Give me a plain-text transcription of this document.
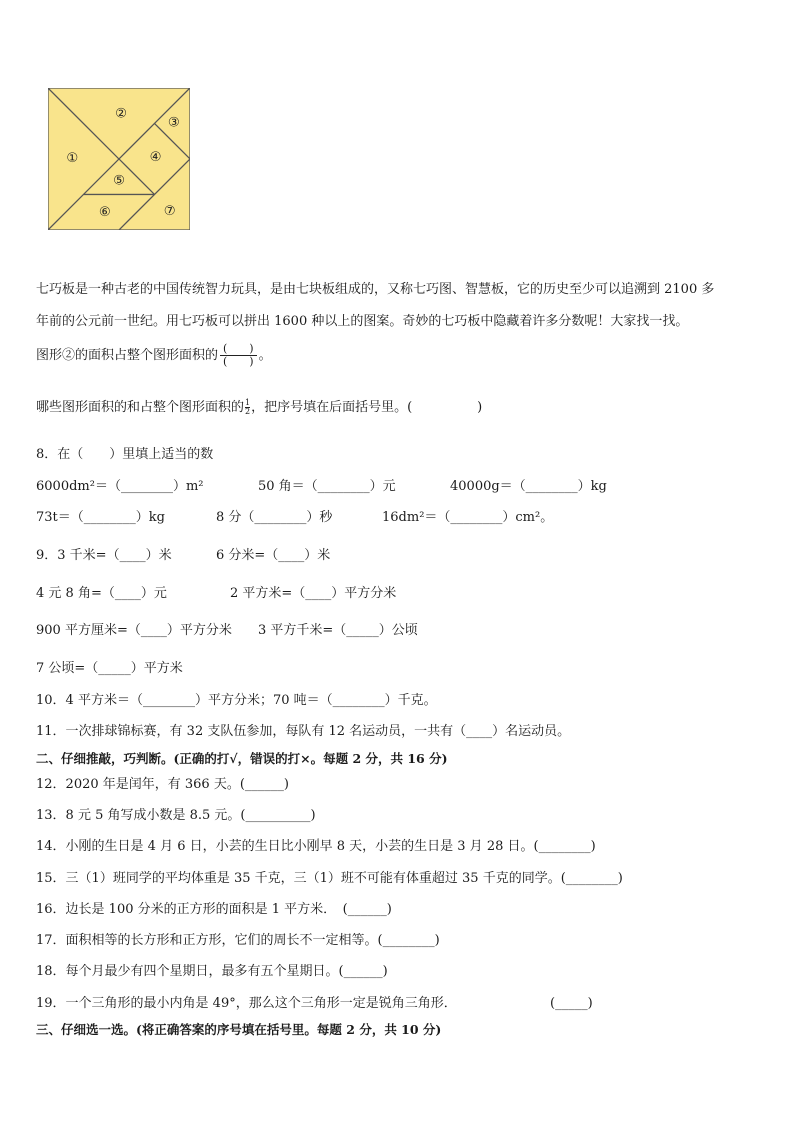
①
②
③
④
⑤
⑥	⑦
七巧板是一种古老的中国传统智力玩具，是由七块板组成的，又称七巧图、智慧板，它的历史至少可以追溯到 2100 多
年前的公元前一世纪。用七巧板可以拼出 1600 种以上的图案。奇妙的七巧板中隐藏着许多分数呢！大家找一找。
图形②的面积占整个图形面积的 $\frac{( )}{( )}$ 。
哪些图形面积的和占整个图形面积的 $\frac{1}{2}$ ，把序号填在后面括号里。(　　　　　)
8．在（　　）里填上适当的数
6000dm²＝（________）m²	50 角＝（________）元	40000g＝（________）kg
73t＝（________）kg	8 分（________）秒	16dm²＝（________）cm²。
9．3 千米=（____）米	6 分米=（____）米
4 元 8 角=（____）元	2 平方米=（____）平方分米
900 平方厘米=（____）平方分米 3 平方千米=（_____）公顷
7 公顷=（_____）平方米
10．4 平方米＝（________）平方分米；70 吨＝（________）千克。
11．一次排球锦标赛，有 32 支队伍参加，每队有 12 名运动员，一共有（____）名运动员。
二、仔细推敲，巧判断。(正确的打√，错误的打×。每题 2 分，共 16 分)
12．2020 年是闰年，有 366 天。(______)
13．8 元 5 角写成小数是 8.5 元。(__________)
14．小刚的生日是 4 月 6 日，小芸的生日比小刚早 8 天，小芸的生日是 3 月 28 日。(________)
15．三（1）班同学的平均体重是 35 千克，三（1）班不可能有体重超过 35 千克的同学。(________)
16．边长是 100 分米的正方形的面积是 1 平方米．　(______)
17．面积相等的长方形和正方形，它们的周长不一定相等。(________)
18．每个月最少有四个星期日，最多有五个星期日。(______)
19．一个三角形的最小内角是 49°，那么这个三角形一定是锐角三角形．	(_____)
三、仔细选一选。(将正确答案的序号填在括号里。每题 2 分，共 10 分)
